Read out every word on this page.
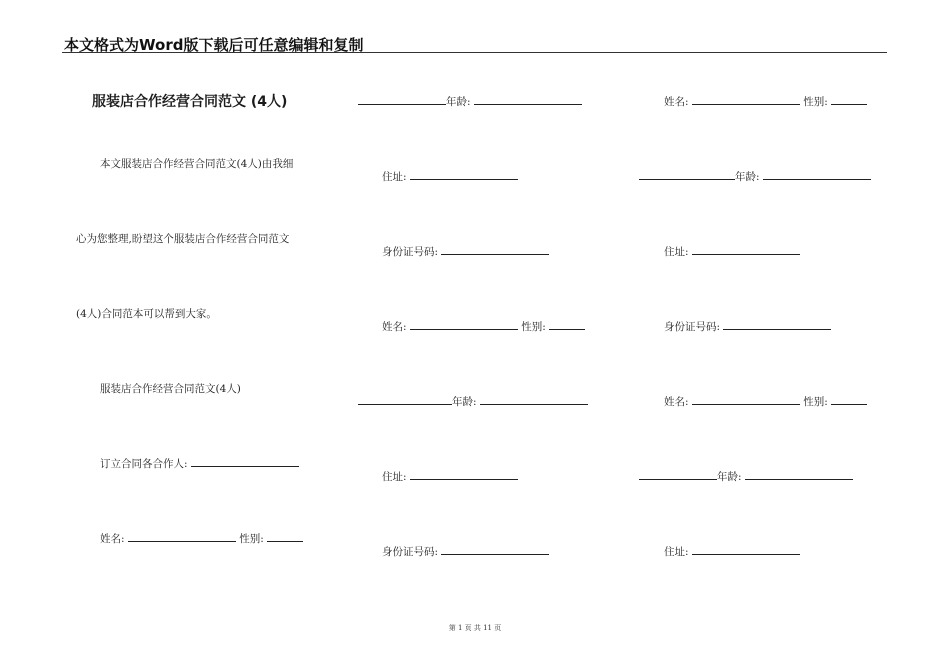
本文格式为Word版下载后可任意编辑和复制
服装店合作经营合同范文 (4人)
本文服装店合作经营合同范文(4人)由我细
心为您整理,盼望这个服装店合作经营合同范文
(4人)合同范本可以帮到大家。
服装店合作经营合同范文(4人)
订立合同各合作人:
姓名:	性别:
年龄:
住址:
身份证号码:
姓名:	性别:
年龄:
住址:
身份证号码:
姓名:	性别:
年龄:
住址:
身份证号码:
姓名:	性别:
年龄:
住址:
第 1 页 共 11 页
